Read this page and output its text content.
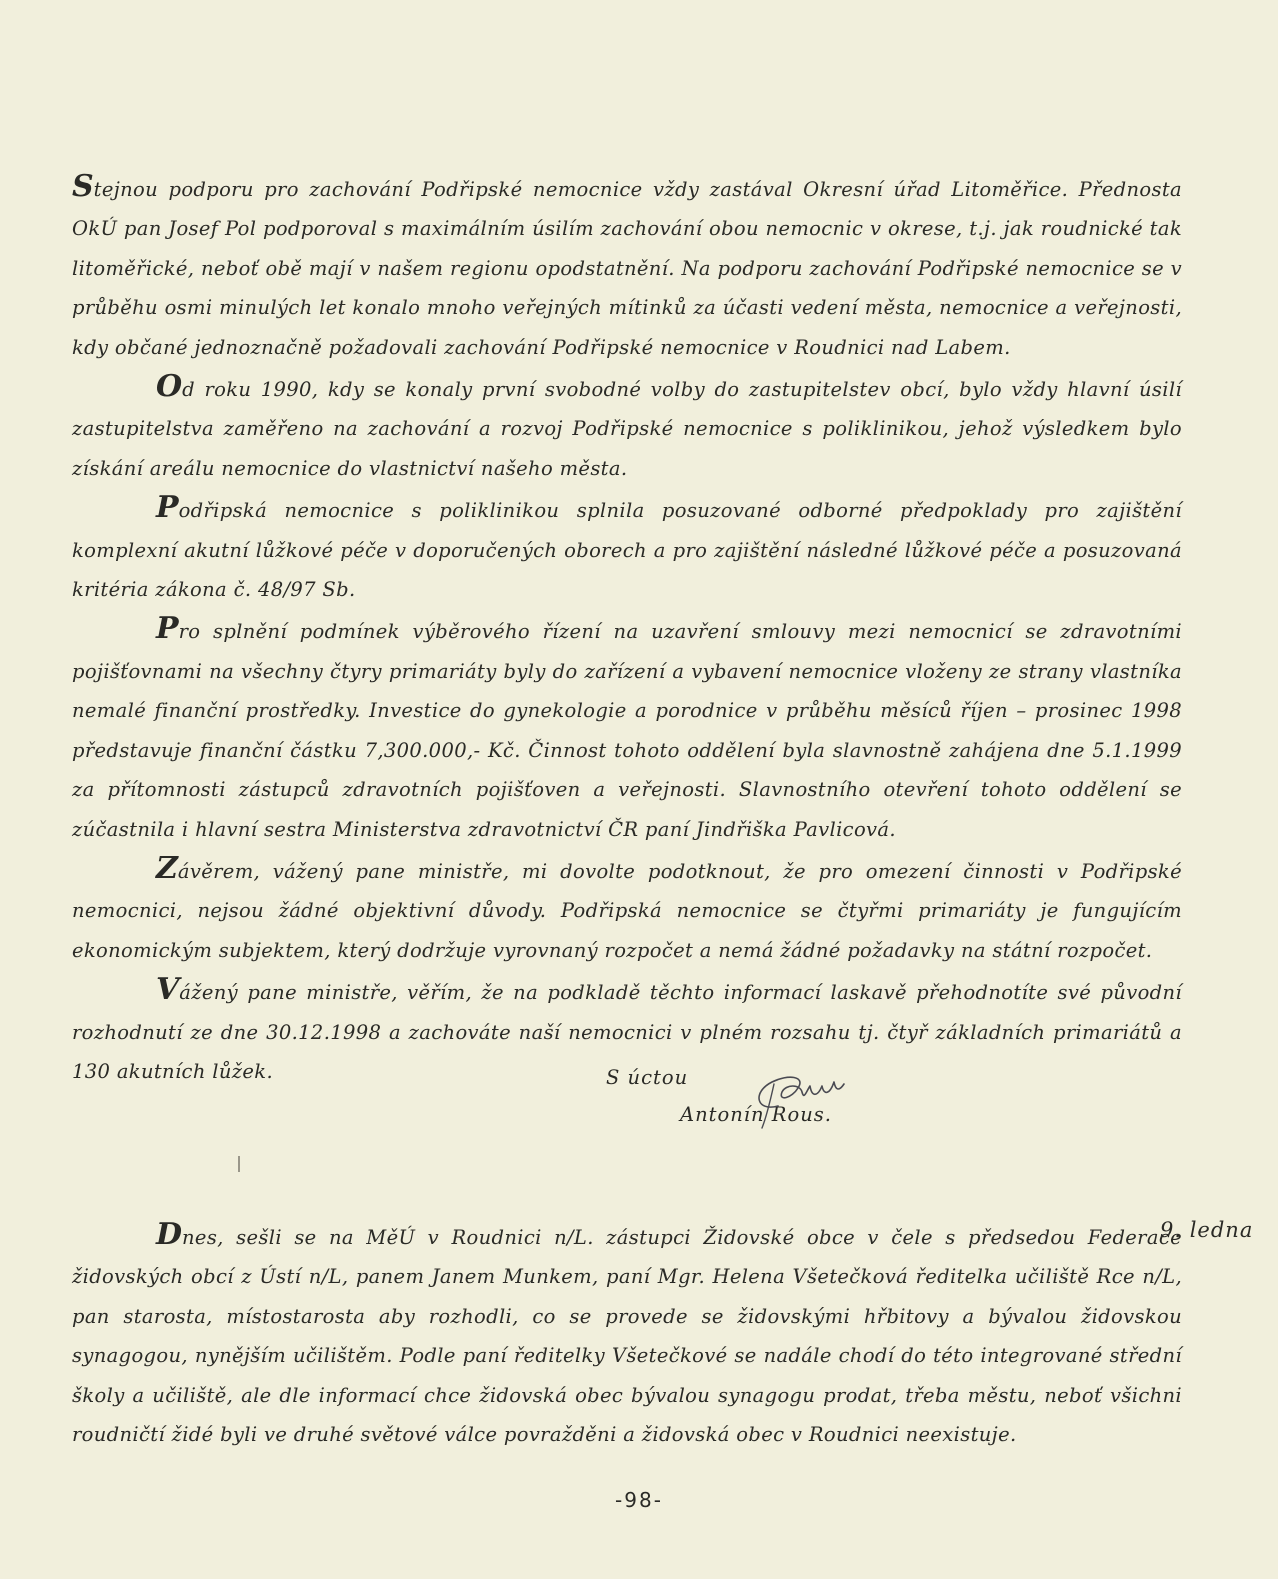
Stejnou podporu pro zachování Podřipské nemocnice vždy zastával Okresní úřad Litoměřice. Přednosta OkÚ pan Josef Pol podporoval s maximálním úsilím zachování obou nemocnic v okrese, t.j. jak roudnické tak litoměřické, neboť obě mají v našem regionu opodstatnění. Na podporu zachování Podřipské nemocnice se v průběhu osmi minulých let konalo mnoho veřejných mítinků za účasti vedení města, nemocnice a veřejnosti, kdy občané jednoznačně požadovali zachování Podřipské nemocnice v Roudnici nad Labem.

Od roku 1990, kdy se konaly první svobodné volby do zastupitelstev obcí, bylo vždy hlavní úsilí zastupitelstva zaměřeno na zachování a rozvoj Podřipské nemocnice s poliklinikou, jehož výsledkem bylo získání areálu nemocnice do vlastnictví našeho města.

Podřipská nemocnice s poliklinikou splnila posuzované odborné předpoklady pro zajištění komplexní akutní lůžkové péče v doporučených oborech a pro zajištění následné lůžkové péče a posuzovaná kritéria zákona č. 48/97 Sb.

Pro splnění podmínek výběrového řízení na uzavření smlouvy mezi nemocnicí se zdravotními pojišťovnami na všechny čtyry primariáty byly do zařízení a vybavení nemocnice vloženy ze strany vlastníka nemalé finanční prostředky. Investice do gynekologie a porodnice v průběhu měsíců říjen – prosinec 1998 představuje finanční částku 7,300.000,- Kč. Činnost tohoto oddělení byla slavnostně zahájena dne 5.1.1999 za přítomnosti zástupců zdravotních pojišťoven a veřejnosti. Slavnostního otevření tohoto oddělení se zúčastnila i hlavní sestra Ministerstva zdravotnictví ČR paní Jindřiška Pavlicová.

Závěrem, vážený pane ministře, mi dovolte podotknout, že pro omezení činnosti v Podřipské nemocnici, nejsou žádné objektivní důvody. Podřipská nemocnice se čtyřmi primariáty je fungujícím ekonomickým subjektem, který dodržuje vyrovnaný rozpočet a nemá žádné požadavky na státní rozpočet.

Vážený pane ministře, věřím, že na podkladě těchto informací laskavě přehodnotíte své původní rozhodnutí ze dne 30.12.1998 a zachováte naší nemocnici v plném rozsahu tj. čtyř základních primariátů a 130 akutních lůžek.	S úctou
Antonín Rous.

Dnes, sešli se na MěÚ v Roudnici n/L. zástupci Židovské obce v čele s předsedou Federace židovských obcí z Ústí n/L, panem Janem Munkem, paní Mgr. Helena Všetečková ředitelka učiliště Rce n/L, pan starosta, místostarosta aby rozhodli, co se provede se židovskými hřbitovy a bývalou židovskou synagogou, nynějším učilištěm. Podle paní ředitelky Všetečkové se nadále chodí do této integrované střední školy a učiliště, ale dle informací chce židovská obec bývalou synagogu prodat, třeba městu, neboť všichni roudničtí židé byli ve druhé světové válce povražděni a židovská obec v Roudnici neexistuje.

9. ledna
-98-
